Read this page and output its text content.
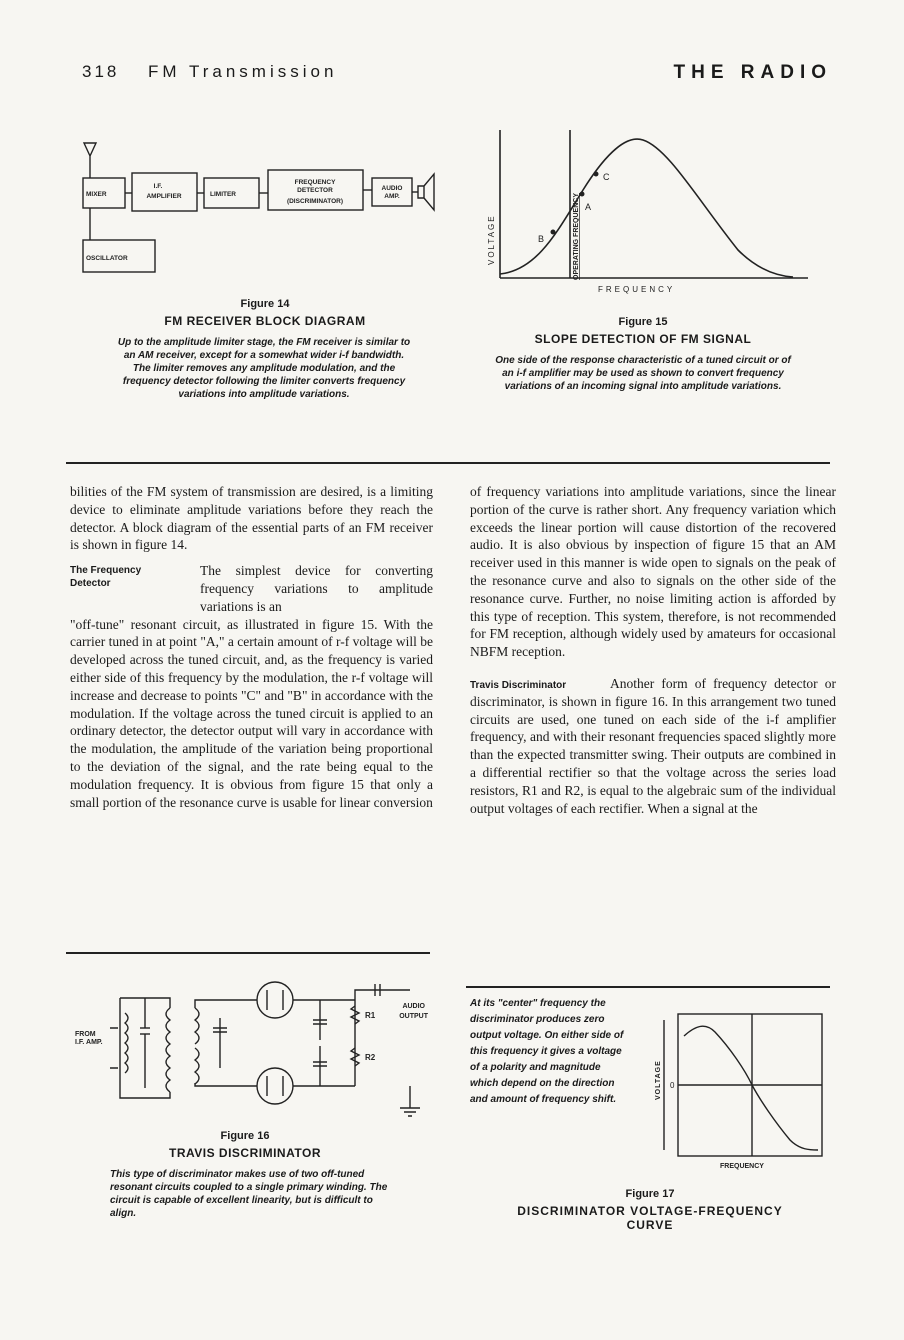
318 FM Transmission	THE RADIO
MIXER
I.F.
AMPLIFIER	LIMITER
FREQUENCY
DETECTOR
(DISCRIMINATOR)
AUDIO
AMP.
OSCILLATOR
Figure 14
FM RECEIVER BLOCK DIAGRAM
Up to the amplitude limiter stage, the FM receiver is similar to an AM receiver, except for a somewhat wider i-f bandwidth. The limiter removes any amplitude modulation, and the frequency detector following the limiter converts frequency variations into amplitude variations.
A
B
C
VOLTAGE	OPERATING FREQUENCY
FREQUENCY
Figure 15
SLOPE DETECTION OF FM SIGNAL
One side of the response characteristic of a tuned circuit or of an i-f amplifier may be used as shown to convert frequency variations of an incoming signal into amplitude variations.

bilities of the FM system of transmission are desired, is a limiting device to eliminate amplitude variations before they reach the detector. A block diagram of the essential parts of an FM receiver is shown in figure 14.

The Frequency
Detector

The simplest device for converting frequency variations to amplitude variations is an

"off-tune" resonant circuit, as illustrated in figure 15. With the carrier tuned in at point "A," a certain amount of r-f voltage will be developed across the tuned circuit, and, as the frequency is varied either side of this frequency by the modulation, the r-f voltage will increase and decrease to points "C" and "B" in accordance with the modulation. If the voltage across the tuned circuit is applied to an ordinary detector, the detector output will vary in accordance with the modulation, the amplitude of the variation being proportional to the deviation of the signal, and the rate being equal to the modulation frequency. It is obvious from figure 15 that only a small portion of the resonance curve is usable for linear conversion

of frequency variations into amplitude variations, since the linear portion of the curve is rather short. Any frequency variation which exceeds the linear portion will cause distortion of the recovered audio. It is also obvious by inspection of figure 15 that an AM receiver used in this manner is wide open to signals on the peak of the resonance curve and also to signals on the other side of the resonance curve. Further, no noise limiting action is afforded by this type of reception. This system, therefore, is not recommended for FM reception, although widely used by amateurs for occasional NBFM reception.

Travis Discriminator	Another form of frequency detector or discriminator, is shown in figure 16. In this arrangement two tuned circuits are used, one tuned on each side of the i-f amplifier frequency, and with their resonant frequencies spaced slightly more than the expected transmitter swing. Their outputs are combined in a differential rectifier so that the voltage across the series load resistors, R1 and R2, is equal to the algebraic sum of the individual output voltages of each rectifier. When a signal at the

FROM
I.F. AMP.
R1
R2
AUDIO
OUTPUT
Figure 16
TRAVIS DISCRIMINATOR
This type of discriminator makes use of two off-tuned resonant circuits coupled to a single primary winding. The circuit is capable of excellent linearity, but is difficult to align.
At its "center" frequency the discriminator produces zero output voltage. On either side of this frequency it gives a voltage of a polarity and magnitude which depend on the direction and amount of frequency shift.	VOLTAGE 0
FREQUENCY
Figure 17
DISCRIMINATOR VOLTAGE-FREQUENCY
CURVE
